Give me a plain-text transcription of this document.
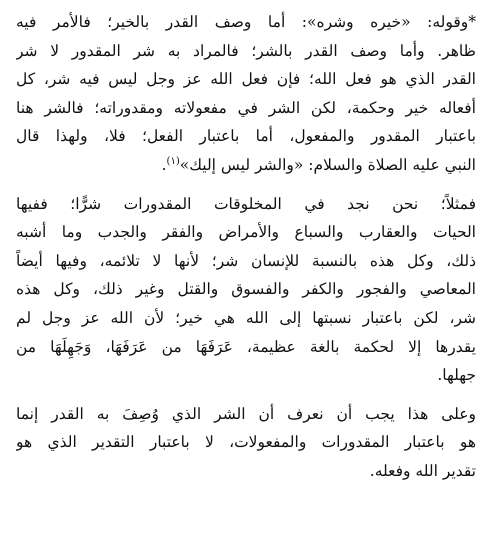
*وقوله: «خيره وشره»: أما وصف القدر بالخير؛ فالأمر فيه
ظاهر. وأما وصف القدر بالشر؛ فالمراد به شر المقدور لا شر
القدر الذي هو فعل الله؛ فإن فعل الله عز وجل ليس فيه شر، كل
أفعاله خير وحكمة، لكن الشر في مفعولاته ومقدوراته؛ فالشر هنا
باعتبار المقدور والمفعول، أما باعتبار الفعل؛ فلا، ولهذا قال
النبي عليه الصلاة والسلام: «والشر ليس إليك»$^{(١)}$.

فمثلاً؛ نحن نجد في المخلوقات المقدورات شرًّا؛ ففيها
الحيات والعقارب والسباع والأمراض والفقر والجدب وما أشبه
ذلك، وكل هذه بالنسبة للإنسان شر؛ لأنها لا تلائمه، وفيها أيضاً
المعاصي والفجور والكفر والفسوق والقتل وغير ذلك، وكل هذه
شر، لكن باعتبار نسبتها إلى الله هي خير؛ لأن الله عز وجل لم
يقدرها إلا لحكمة بالغة عظيمة، عَرَفَهَا من عَرَفَهَا، وَجَهِلَهَا من
جهلها.

وعلى هذا يجب أن نعرف أن الشر الذي وُصِفَ به القدر إنما
هو باعتبار المقدورات والمفعولات، لا باعتبار التقدير الذي هو
تقدير الله وفعله.
